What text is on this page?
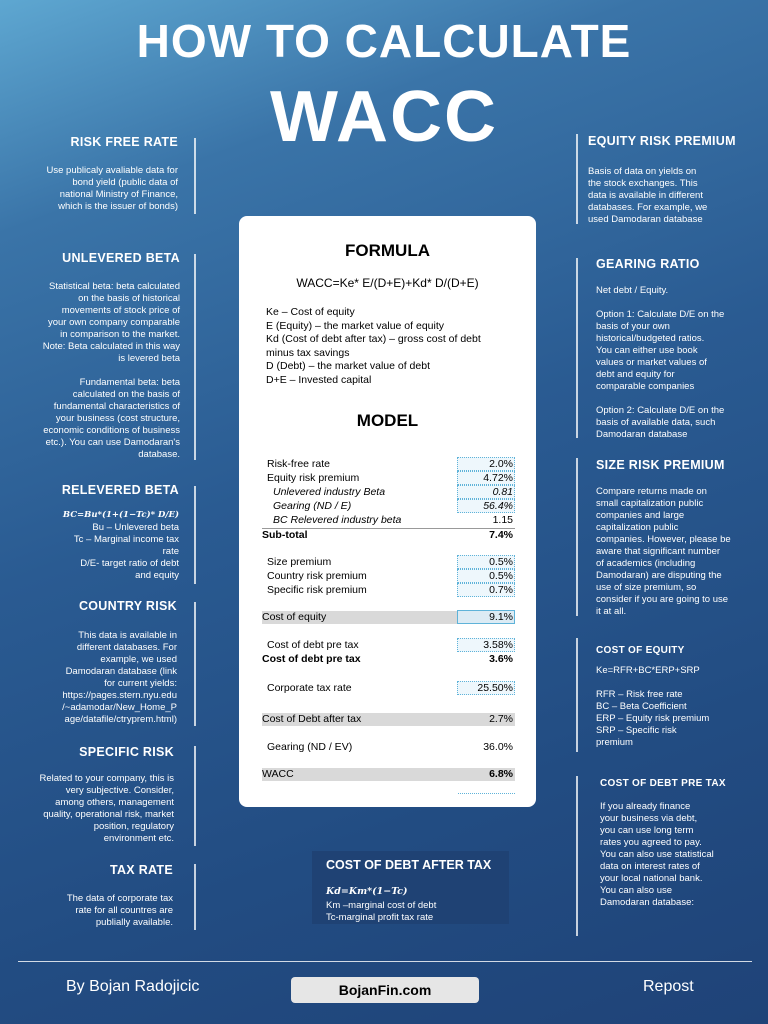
HOW TO CALCULATE
WACC
RISK FREE RATE

Use publicaly avaliable data for
bond yield (public data of
national Ministry of Finance,
which is the issuer of bonds)

UNLEVERED BETA

Statistical beta: beta calculated
on the basis of historical
movements of stock price of
your own company comparable
in comparison to the market.
Note: Beta calculated in this way
is levered beta

Fundamental beta: beta
calculated on the basis of
fundamental characteristics of
your business (cost structure,
economic conditions of business
etc.). You can use Damodaran's
database.

RELEVERED BETA

BC=Bu*(1+(1−Tc)* D/E)

Bu – Unlevered beta
Tc – Marginal income tax
rate
D/E- target ratio of debt
and equity

COUNTRY RISK

This data is available in
different databases. For
example, we used
Damodaran database (link
for current yields:
https://pages.stern.nyu.edu
/~adamodar/New_Home_P
age/datafile/ctryprem.html)

SPECIFIC RISK

Related to your company, this is
very subjective. Consider,
among others, management
quality, operational risk, market
position, regulatory
environment etc.

TAX RATE

The data of corporate tax
rate for all countres are
publially available.

EQUITY RISK PREMIUM

Basis of data on yields on
the stock exchanges. This
data is available in different
databases. For example, we
used Damodaran database

GEARING RATIO

Net debt / Equity.

Option 1: Calculate D/E on the
basis of your own
historical/budgeted ratios.
You can either use book
values or market values of
debt and equity for
comparable companies

Option 2: Calculate D/E on the
basis of available data, such
Damodaran database

SIZE RISK PREMIUM

Compare returns made on
small capitalization public
companies and large
capitalization public
companies. However, please be
aware that significant number
of academics (including
Damodaran) are disputing the
use of size premium, so
consider if you are going to use
it at all.

COST OF EQUITY

Ke=RFR+BC*ERP+SRP

RFR – Risk free rate
BC – Beta Coefficient
ERP – Equity risk premium
SRP – Specific risk
premium

COST OF DEBT PRE TAX

If you already finance
your business via debt,
you can use long term
rates you agreed to pay.
You can also use statistical
data on interest rates of
your local national bank.
You can also use
Damodaran database:

FORMULA
WACC=Ke* E/(D+E)+Kd* D/(D+E)
Ke – Cost of equity
E (Equity) – the market value of equity
Kd (Cost of debt after tax) – gross cost of debt
minus tax savings
D (Debt) – the market value of debt
D+E – Invested capital
MODEL
Risk-free rate	2.0%
Equity risk premium	4.72%
Unlevered industry Beta	0.81
Gearing (ND / E)	56.4%
BC Relevered industry beta	1.15
Sub-total	7.4%
Size premium	0.5%
Country risk premium	0.5%
Specific risk premium	0.7%
Cost of equity	9.1%
Cost of debt pre tax	3.58%
Cost of debt pre tax	3.6%
Corporate tax rate	25.50%
Cost of Debt after tax	2.7%
Gearing (ND / EV)	36.0%
WACC	6.8%
COST OF DEBT AFTER TAX
Kd=Km*(1−Tc)
Km –marginal cost of debt
Tc-marginal profit tax rate
By Bojan Radojicic	BojanFin.com	Repost
